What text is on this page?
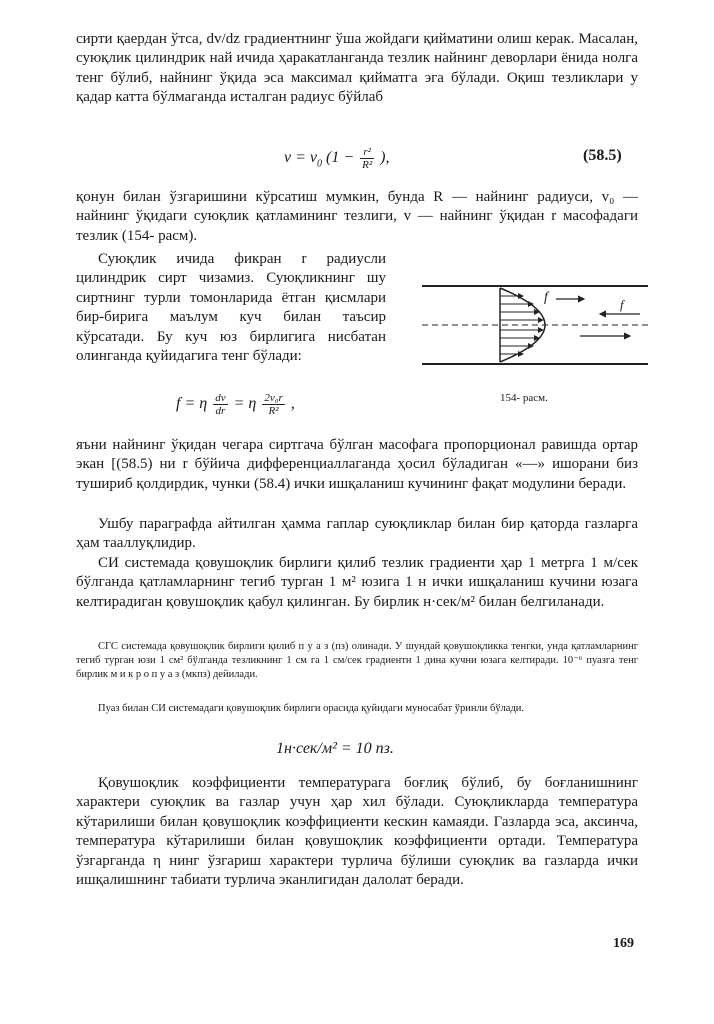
сирти қаердан ўтса, dv/dz градиентнинг ўша жойдаги қийматини олиш керак. Масалан, суюқлик цилиндрик най ичида ҳаракатланганда тезлик найнинг деворлари ёнида нолга тенг бўлиб, найнинг ўқида эса максимал қийматга эга бўлади. Оқиш тезликлари у қадар катта бўлмаганда исталган радиус бўйлаб

$v = v_0$ ($1 - \frac{\text{r²}}{\text{R²}}$ ),	(58.5)

қонун билан ўзгаришини кўрсатиш мумкин, бунда R — найнинг радиуси, v₀ — найнинг ўқидаги суюқлик қатламининг тезлиги, v — найнинг ўқидан r масофадаги тезлик (154- расм).

Суюқлик ичида фикран r радиусли цилиндрик сирт чизамиз. Суюқликнинг шу сиртнинг турли томонларида ётган қисмлари бир-бирига маълум куч билан таъсир кўрсатади. Бу куч юз бирлигига нисбатан олинганда қуйидагига тенг бўлади:

f	f
154- расм.
f = η $\frac{dv}{dr} = \eta \frac{\text{2v₀r}}{\text{R²}}$ ,

яъни найнинг ўқидан чегара сиртгача бўлган масофага пропорционал равишда ортар экан [(58.5) ни r бўйича дифференциаллаганда ҳосил бўладиган «—» ишорани биз тушириб қолдирдик, чунки (58.4) ички ишқаланиш кучининг фақат модулини беради.

Ушбу параграфда айтилган ҳамма гаплар суюқликлар билан бир қаторда газларга ҳам тааллуқлидир.

СИ системада қовушоқлик бирлиги қилиб тезлик градиенти ҳар 1 метрга 1 м/сек бўлганда қатламларнинг тегиб турган 1 м² юзига 1 н ички ишқаланиш кучини юзага келтирадиган қовушоқлик қабул қилинган. Бу бирлик н·сек/м² билан белгиланади.

СГС системада қовушоқлик бирлиги қилиб п у а з (пз) олинади. У шундай қовушоқликка тенгки, унда қатламларнинг тегиб турган юзи 1 см² бўлганда тезликнинг 1 см га 1 см/сек градиенти 1 дина кучни юзага келтиради. 10⁻⁶ пуазга тенг бирлик м и к р о п у а з (мкпз) дейилади.

Пуаз билан СИ системадаги қовушоқлик бирлиги орасида қуйидаги муносабат ўринли бўлади.

1н·сек/м² = 10 пз.

Қовушоқлик коэффициенти температурага боғлиқ бўлиб, бу боғланишнинг характери суюқлик ва газлар учун ҳар хил бўлади. Суюқликларда температура кўтарилиши билан қовушоқлик коэффициенти кескин камаяди. Газларда эса, аксинча, температура кўтарилиши билан қовушоқлик коэффициенти ортади. Температура ўзгарганда η нинг ўзгариш характери турлича бўлиши суюқлик ва газларда ички ишқалишнинг табиати турлича эканлигидан далолат беради.

169
